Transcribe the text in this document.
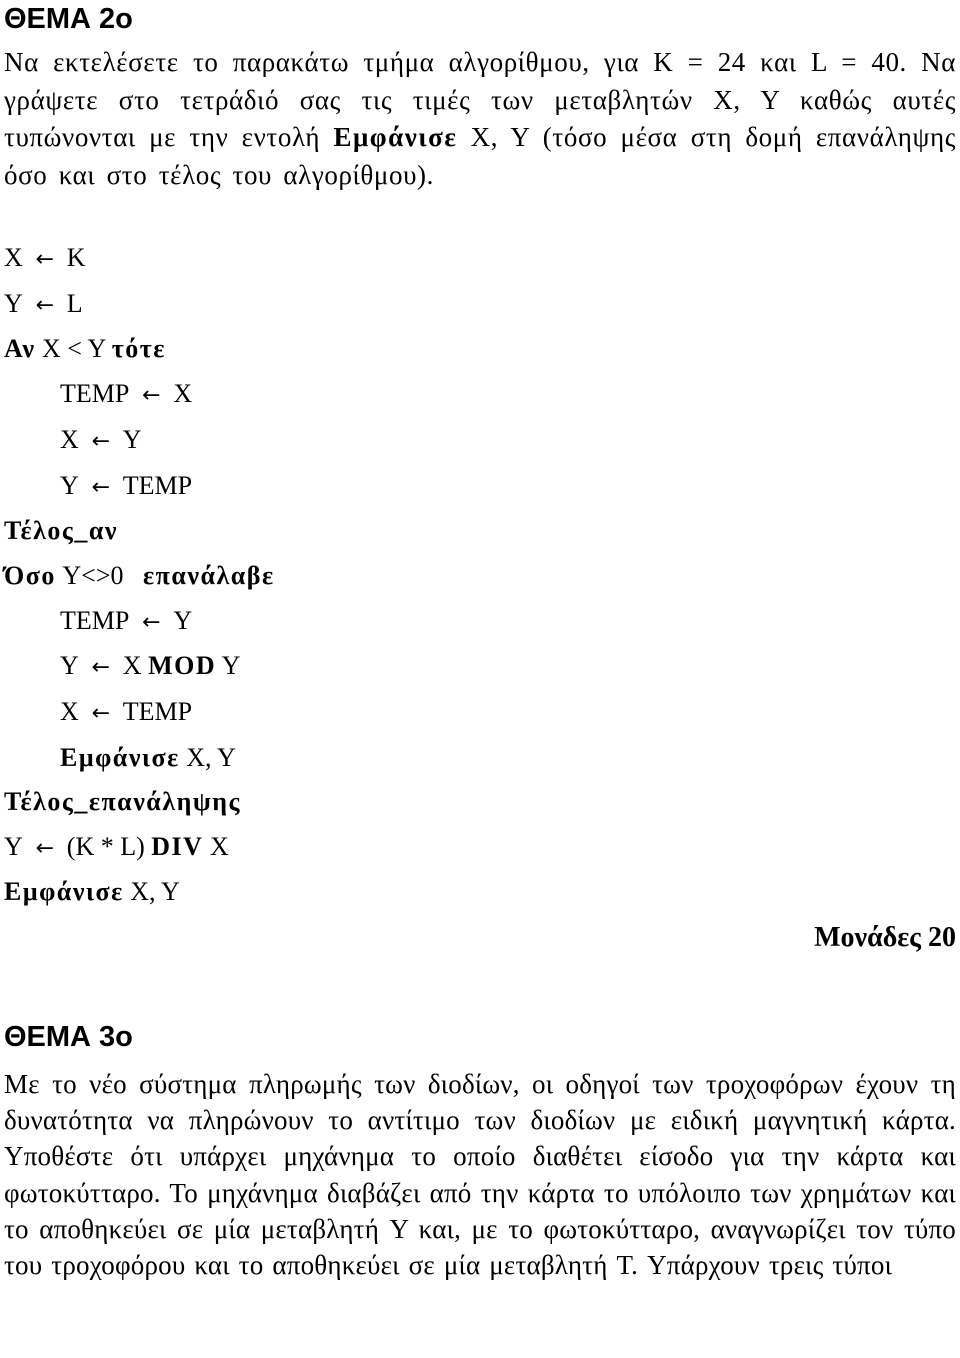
ΘΕΜΑ 2ο
Να εκτελέσετε το παρακάτω τμήμα αλγορίθμου, για Κ = 24 και L = 40. Να γράψετε στο τετράδιό σας τις τιμές των μεταβλητών X, Y καθώς αυτές τυπώνονται με την εντολή Εμφάνισε X, Y (τόσο μέσα στη δομή επανάληψης όσο και στο τέλος του αλγορίθμου).
X ← K
Y ← L
Αν X < Y τότε
TEMP ← X
X ← Y
Y ← TEMP
Τέλος_αν
Όσο Y<>0 επανάλαβε
TEMP ← Y
Y ← X MOD Y
X ← TEMP
Εμφάνισε X, Y
Τέλος_επανάληψης
Y ← (K * L) DIV X
Εμφάνισε X, Y
Μονάδες 20
ΘΕΜΑ 3ο
Με το νέο σύστημα πληρωμής των διοδίων, οι οδηγοί των τροχοφόρων έχουν τη δυνατότητα να πληρώνουν το αντίτιμο των διοδίων με ειδική μαγνητική κάρτα. Υποθέστε ότι υπάρχει μηχάνημα το οποίο διαθέτει είσοδο για την κάρτα και φωτοκύτταρο. Το μηχάνημα διαβάζει από την κάρτα το υπόλοιπο των χρημάτων και το αποθηκεύει σε μία μεταβλητή Y και, με το φωτοκύτταρο, αναγνωρίζει τον τύπο του τροχοφόρου και το αποθηκεύει σε μία μεταβλητή T. Υπάρχουν τρεις τύποι
